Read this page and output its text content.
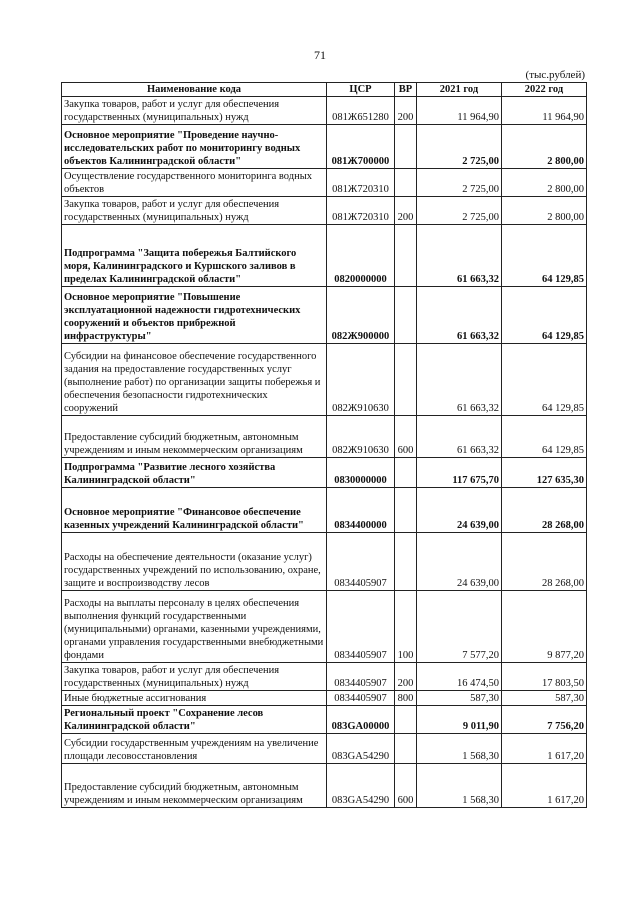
71
(тыс.рублей)
Наименование кода	ЦСР	ВР	2021 год	2022 год
Закупка товаров, работ и услуг для обеспечения государственных (муниципальных) нужд	081Ж651280	200	11 964,90	11 964,90
Основное мероприятие "Проведение научно-исследовательских работ по мониторингу водных объектов Калининградской области"	081Ж700000		2 725,00	2 800,00
Осуществление государственного мониторинга водных объектов	081Ж720310		2 725,00	2 800,00
Закупка товаров, работ и услуг для обеспечения государственных (муниципальных) нужд	081Ж720310	200	2 725,00	2 800,00
Подпрограмма "Защита побережья Балтийского моря, Калининградского и Куршского заливов в пределах Калининградской области"	0820000000		61 663,32	64 129,85
Основное мероприятие "Повышение эксплуатационной надежности гидротехнических сооружений и объектов прибрежной инфраструктуры"	082Ж900000		61 663,32	64 129,85
Субсидии на финансовое обеспечение государственного задания на предоставление государственных услуг (выполнение работ) по организации защиты побережья и обеспечения безопасности гидротехнических сооружений	082Ж910630		61 663,32	64 129,85
Предоставление субсидий бюджетным, автономным учреждениям и иным некоммерческим организациям	082Ж910630	600	61 663,32	64 129,85
Подпрограмма "Развитие лесного хозяйства Калининградской области"	0830000000		117 675,70	127 635,30
Основное мероприятие "Финансовое обеспечение казенных учреждений Калининградской области"	0834400000		24 639,00	28 268,00
Расходы на обеспечение деятельности (оказание услуг) государственных учреждений по использованию, охране, защите и воспроизводству лесов	0834405907		24 639,00	28 268,00
Расходы на выплаты персоналу в целях обеспечения выполнения функций государственными (муниципальными) органами, казенными учреждениями, органами управления государственными внебюджетными фондами	0834405907	100	7 577,20	9 877,20
Закупка товаров, работ и услуг для обеспечения государственных (муниципальных) нужд	0834405907	200	16 474,50	17 803,50
Иные бюджетные ассигнования	0834405907	800	587,30	587,30
Региональный проект "Сохранение лесов Калининградской области"	083GA00000		9 011,90	7 756,20
Субсидии государственным учреждениям на увеличение площади лесовосстановления	083GA54290		1 568,30	1 617,20
Предоставление субсидий бюджетным, автономным учреждениям и иным некоммерческим организациям	083GA54290	600	1 568,30	1 617,20
